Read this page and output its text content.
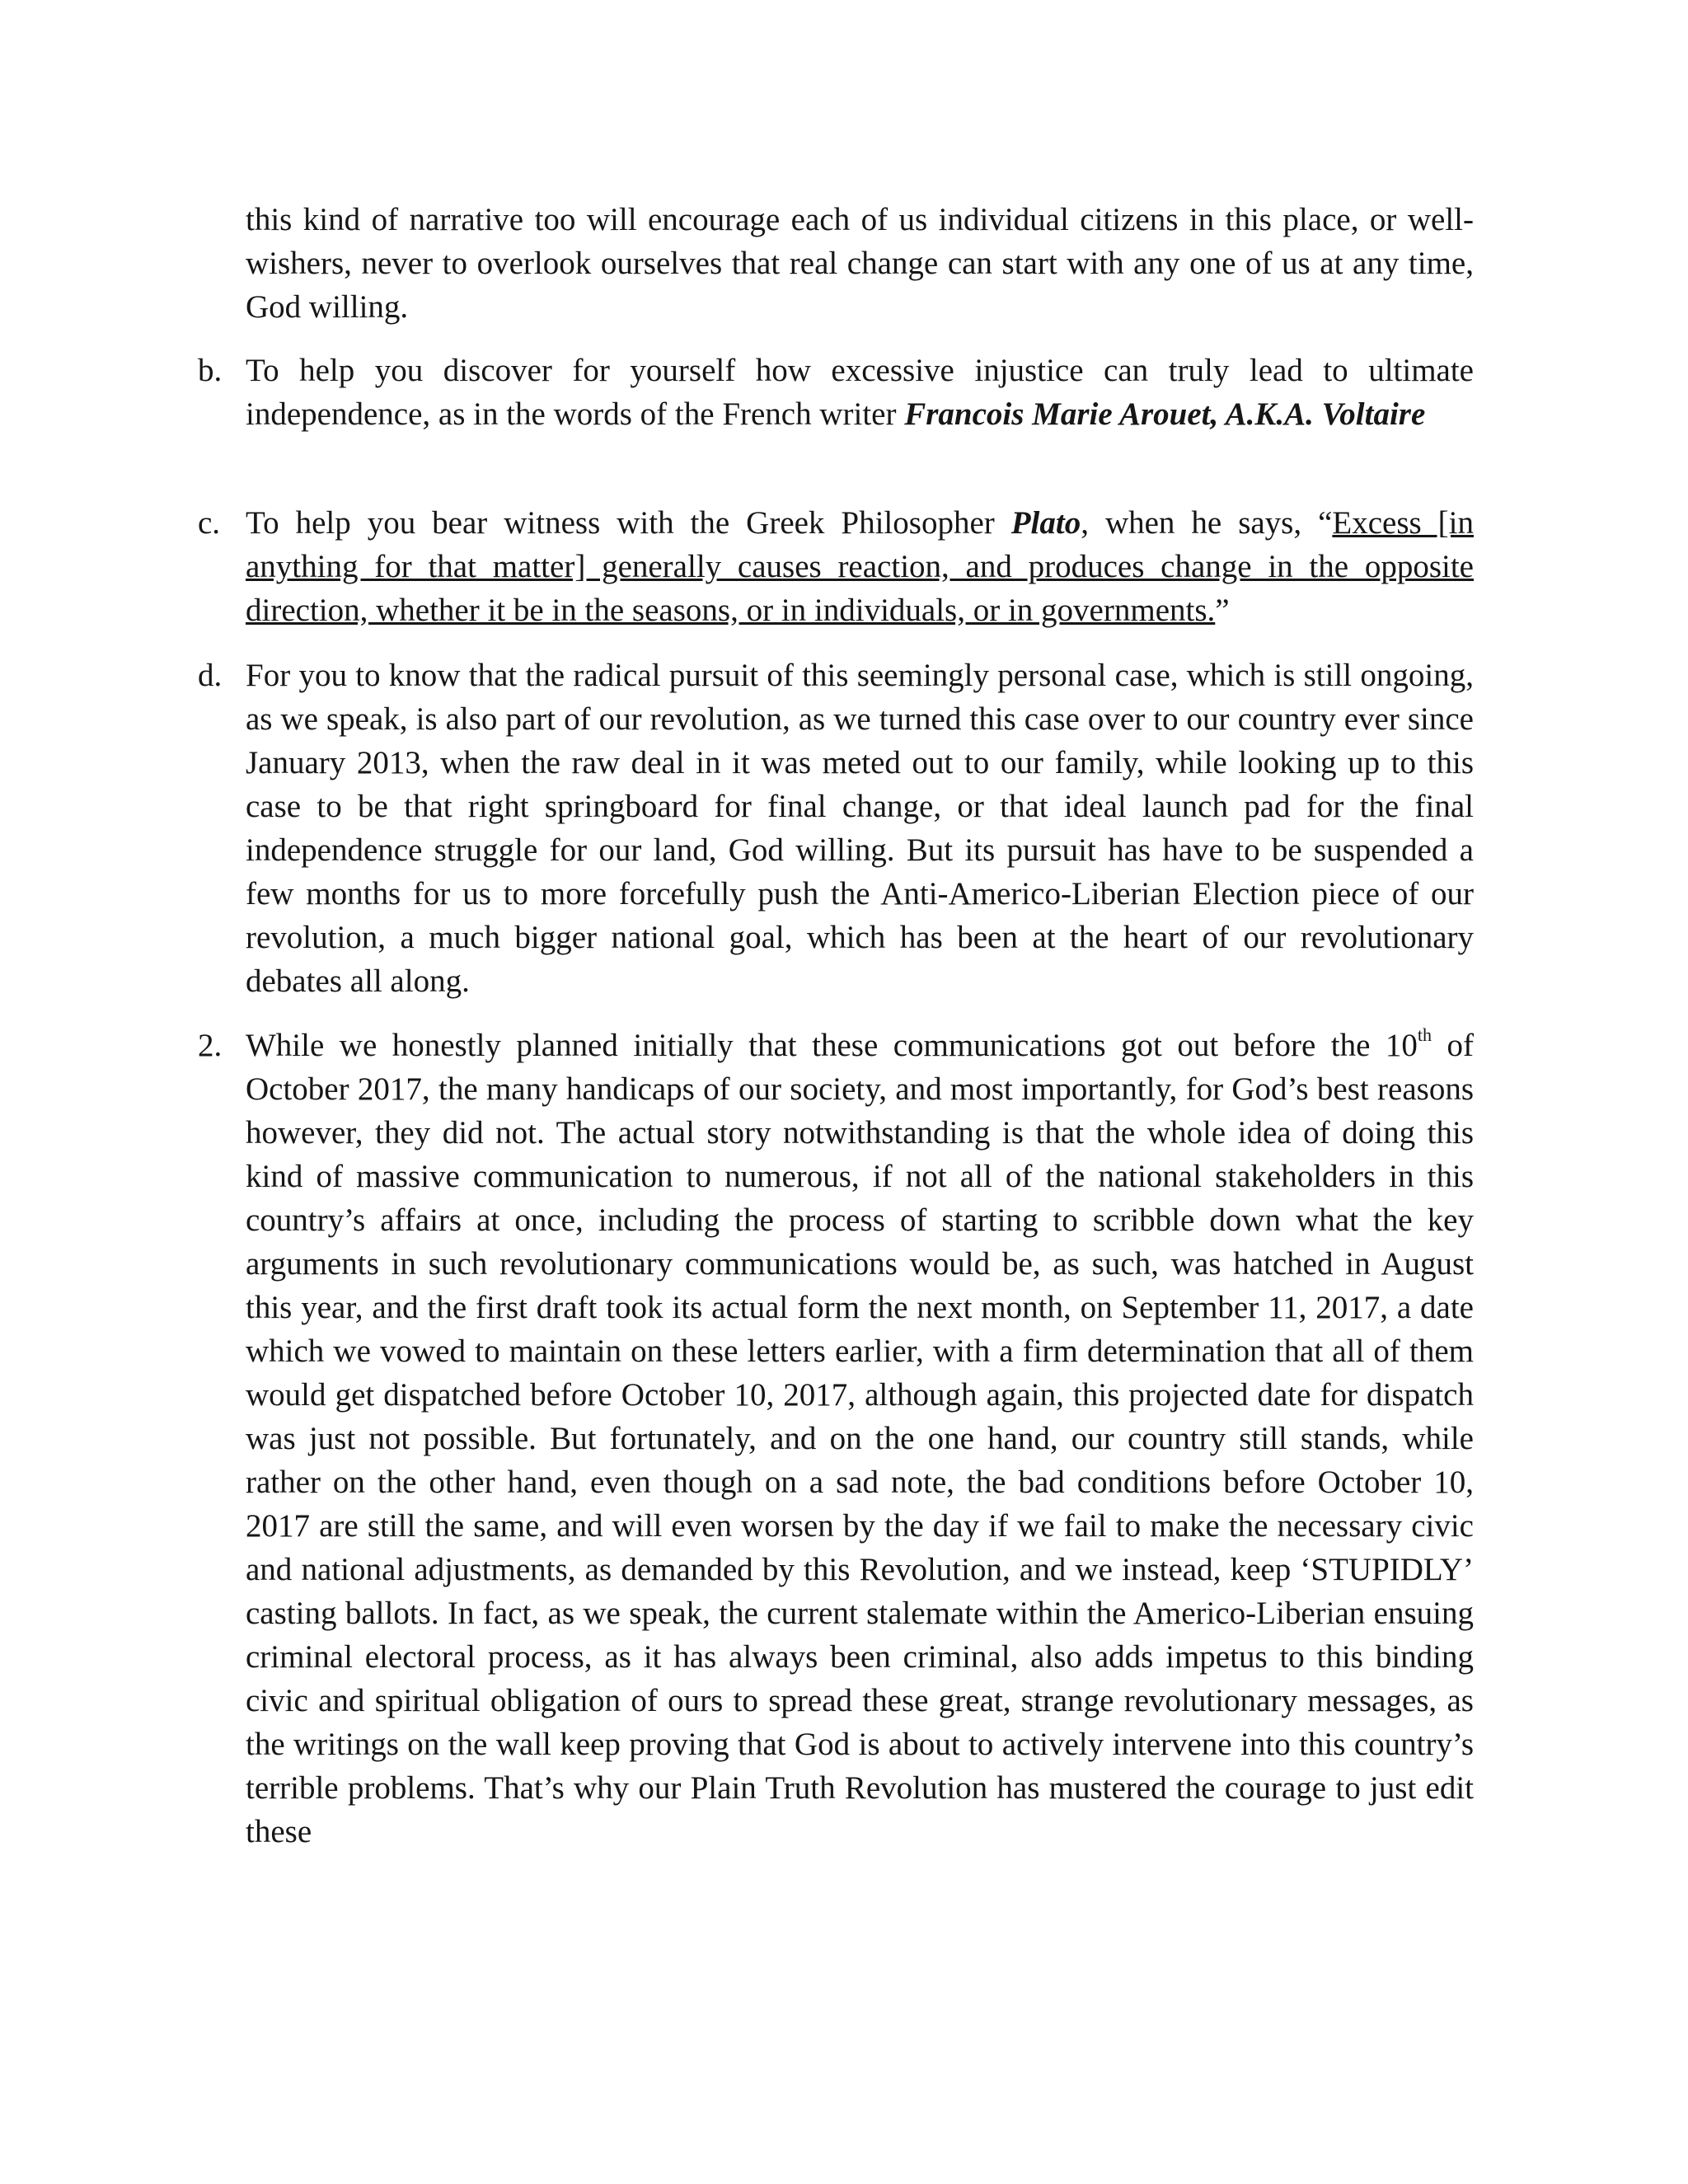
this kind of narrative too will encourage each of us individual citizens in this place, or well-wishers, never to overlook ourselves that real change can start with any one of us at any time, God willing.

b. To help you discover for yourself how excessive injustice can truly lead to ultimate independence, as in the words of the French writer Francois Marie Arouet, A.K.A. Voltaire

c. To help you bear witness with the Greek Philosopher Plato, when he says, “Excess [in anything for that matter] generally causes reaction, and produces change in the opposite direction, whether it be in the seasons, or in individuals, or in governments.”

d. For you to know that the radical pursuit of this seemingly personal case, which is still ongoing, as we speak, is also part of our revolution, as we turned this case over to our country ever since January 2013, when the raw deal in it was meted out to our family, while looking up to this case to be that right springboard for final change, or that ideal launch pad for the final independence struggle for our land, God willing. But its pursuit has have to be suspended a few months for us to more forcefully push the Anti-Americo-Liberian Election piece of our revolution, a much bigger national goal, which has been at the heart of our revolutionary debates all along.

2. While we honestly planned initially that these communications got out before the 10th of October 2017, the many handicaps of our society, and most importantly, for God’s best reasons however, they did not. The actual story notwithstanding is that the whole idea of doing this kind of massive communication to numerous, if not all of the national stakeholders in this country’s affairs at once, including the process of starting to scribble down what the key arguments in such revolutionary communications would be, as such, was hatched in August this year, and the first draft took its actual form the next month, on September 11, 2017, a date which we vowed to maintain on these letters earlier, with a firm determination that all of them would get dispatched before October 10, 2017, although again, this projected date for dispatch was just not possible. But fortunately, and on the one hand, our country still stands, while rather on the other hand, even though on a sad note, the bad conditions before October 10, 2017 are still the same, and will even worsen by the day if we fail to make the necessary civic and national adjustments, as demanded by this Revolution, and we instead, keep ‘STUPIDLY’ casting ballots. In fact, as we speak, the current stalemate within the Americo-Liberian ensuing criminal electoral process, as it has always been criminal, also adds impetus to this binding civic and spiritual obligation of ours to spread these great, strange revolutionary messages, as the writings on the wall keep proving that God is about to actively intervene into this country’s terrible problems. That’s why our Plain Truth Revolution has mustered the courage to just edit these
